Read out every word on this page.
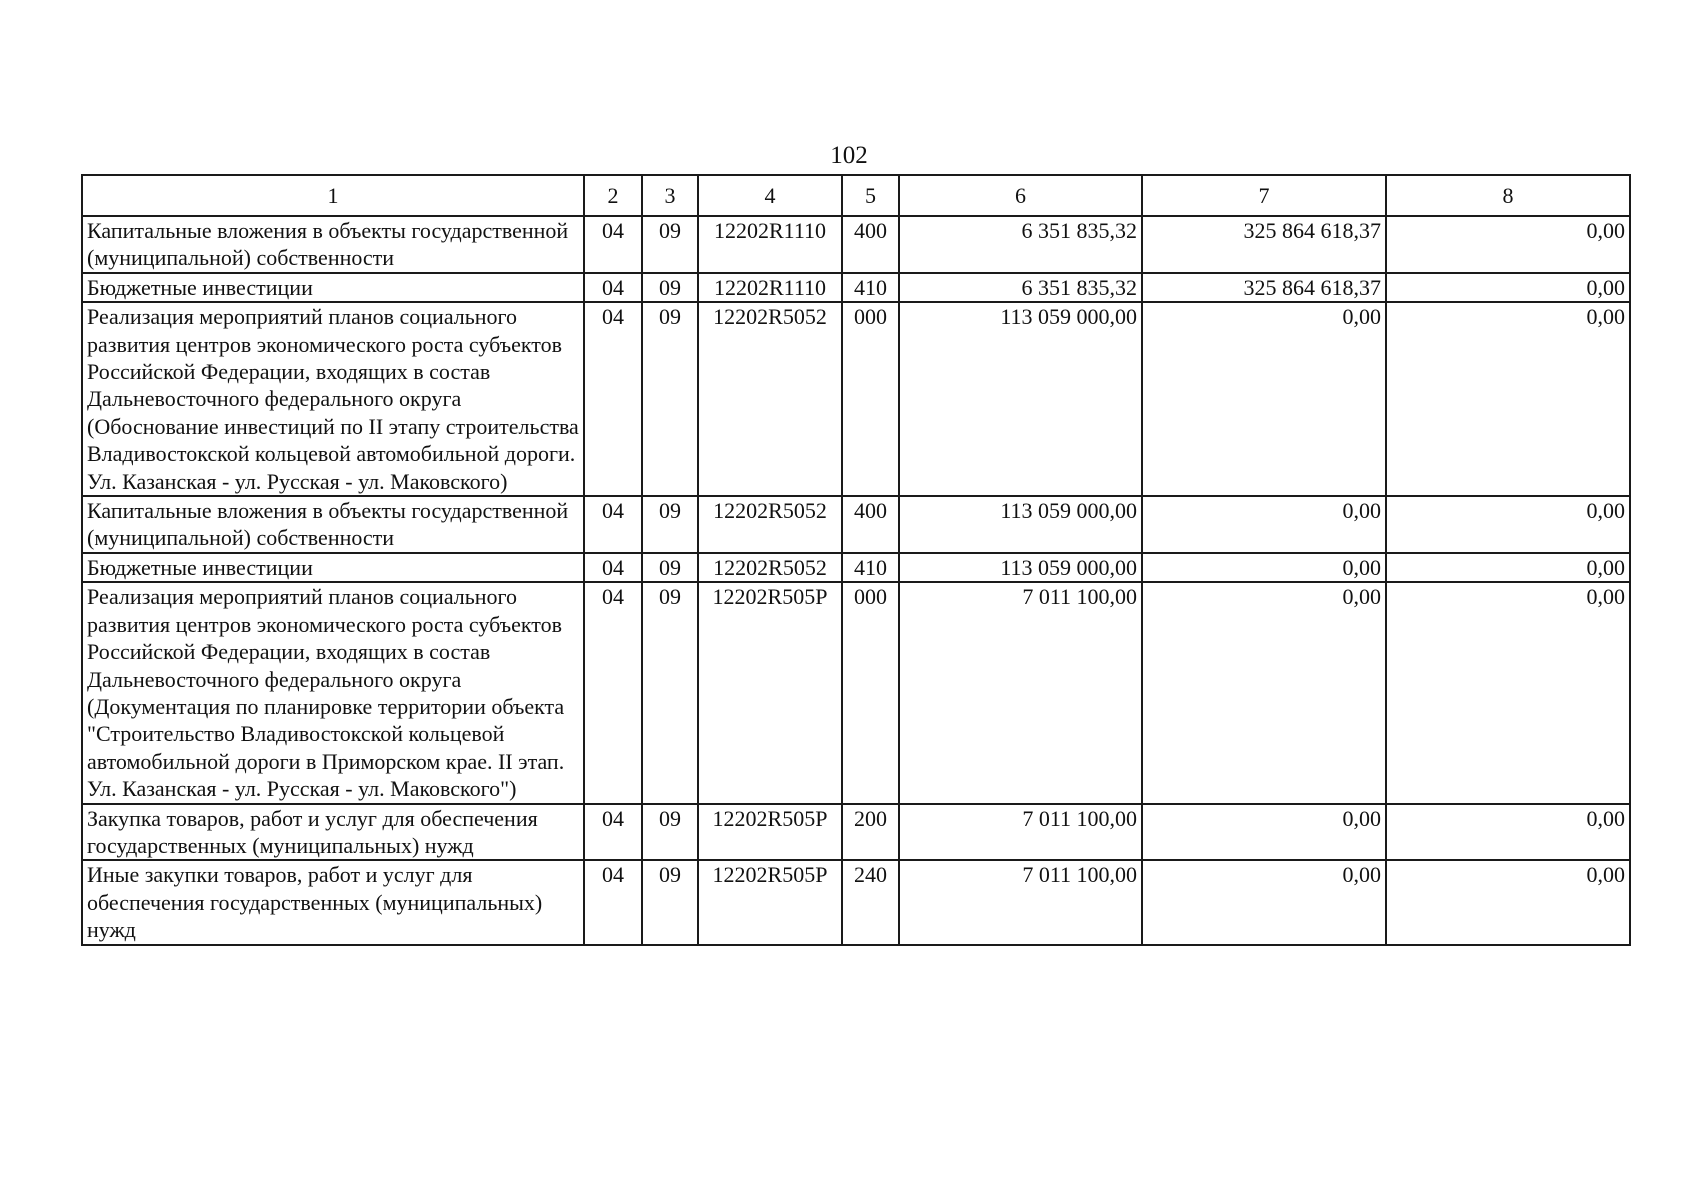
102
1	2	3	4	5	6	7	8
Капитальные вложения в объекты государственной (муниципальной) собственности	04	09	12202R1110	400	6 351 835,32	325 864 618,37	0,00
Бюджетные инвестиции	04	09	12202R1110	410	6 351 835,32	325 864 618,37	0,00
Реализация мероприятий планов социального развития центров экономического роста субъектов Российской Федерации, входящих в состав Дальневосточного федерального округа (Обоснование инвестиций по II этапу строительства Владивостокской кольцевой автомобильной дороги. Ул. Казанская - ул. Русская - ул. Маковского)	04	09	12202R5052	000	113 059 000,00	0,00	0,00
Капитальные вложения в объекты государственной (муниципальной) собственности	04	09	12202R5052	400	113 059 000,00	0,00	0,00
Бюджетные инвестиции	04	09	12202R5052	410	113 059 000,00	0,00	0,00
Реализация мероприятий планов социального развития центров экономического роста субъектов Российской Федерации, входящих в состав Дальневосточного федерального округа (Документация по планировке территории объекта "Строительство Владивостокской кольцевой автомобильной дороги в Приморском крае. II этап. Ул. Казанская - ул. Русская - ул. Маковского")	04	09	12202R505P	000	7 011 100,00	0,00	0,00
Закупка товаров, работ и услуг для обеспечения государственных (муниципальных) нужд	04	09	12202R505P	200	7 011 100,00	0,00	0,00
Иные закупки товаров, работ и услуг для обеспечения государственных (муниципальных) нужд	04	09	12202R505P	240	7 011 100,00	0,00	0,00
